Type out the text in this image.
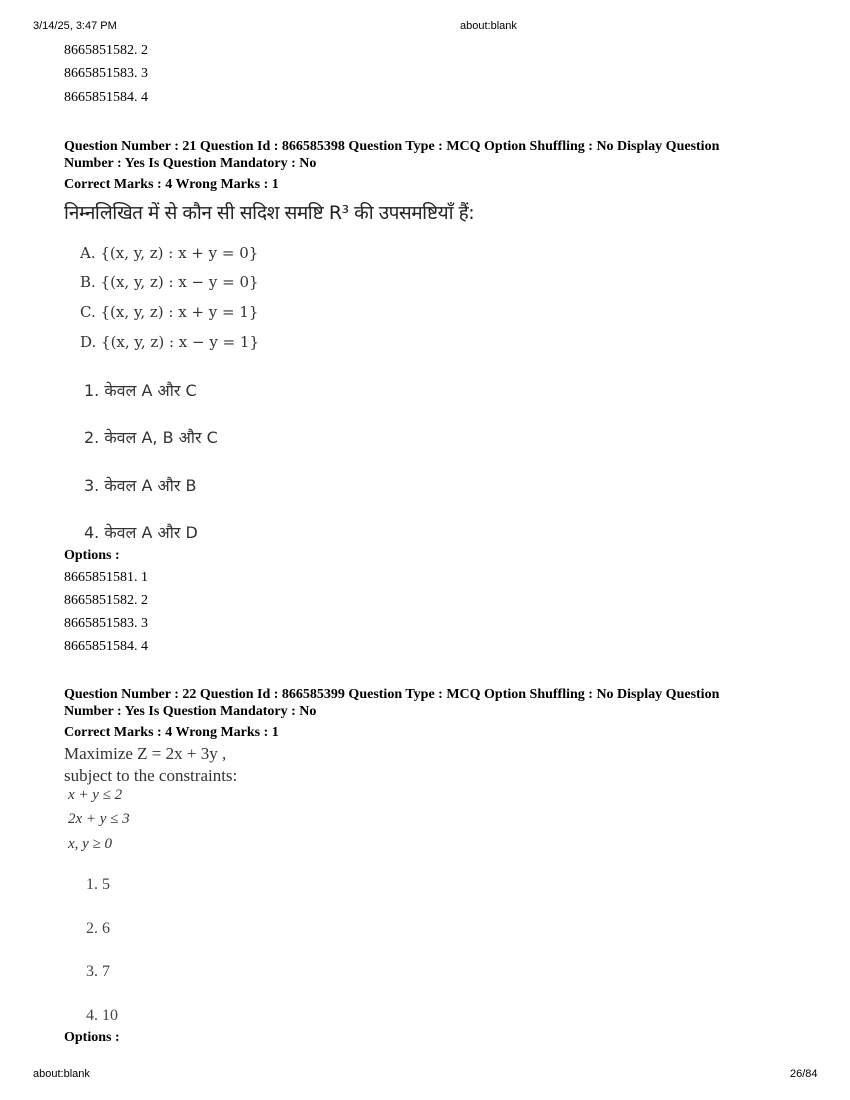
3/14/25, 3:47 PM	about:blank
8665851582. 2
8665851583. 3
8665851584. 4
Question Number : 21 Question Id : 866585398 Question Type : MCQ Option Shuffling : No Display Question
Number : Yes Is Question Mandatory : No
Correct Marks : 4 Wrong Marks : 1
निम्नलिखित में से कौन सी सदिश समष्टि R³ की उपसमष्टियाँ हैं:
A. {(x, y, z) : x + y = 0}
B. {(x, y, z) : x − y = 0}
C. {(x, y, z) : x + y = 1}
D. {(x, y, z) : x − y = 1}
1. केवल A और C
2. केवल A, B और C
3. केवल A और B
4. केवल A और D
Options :
8665851581. 1
8665851582. 2
8665851583. 3
8665851584. 4
Question Number : 22 Question Id : 866585399 Question Type : MCQ Option Shuffling : No Display Question
Number : Yes Is Question Mandatory : No
Correct Marks : 4 Wrong Marks : 1
Maximize Z = 2x + 3y ,
subject to the constraints:
x + y ≤ 2
2x + y ≤ 3
x, y ≥ 0
1. 5
2. 6
3. 7
4. 10
Options :
about:blank	26/84
